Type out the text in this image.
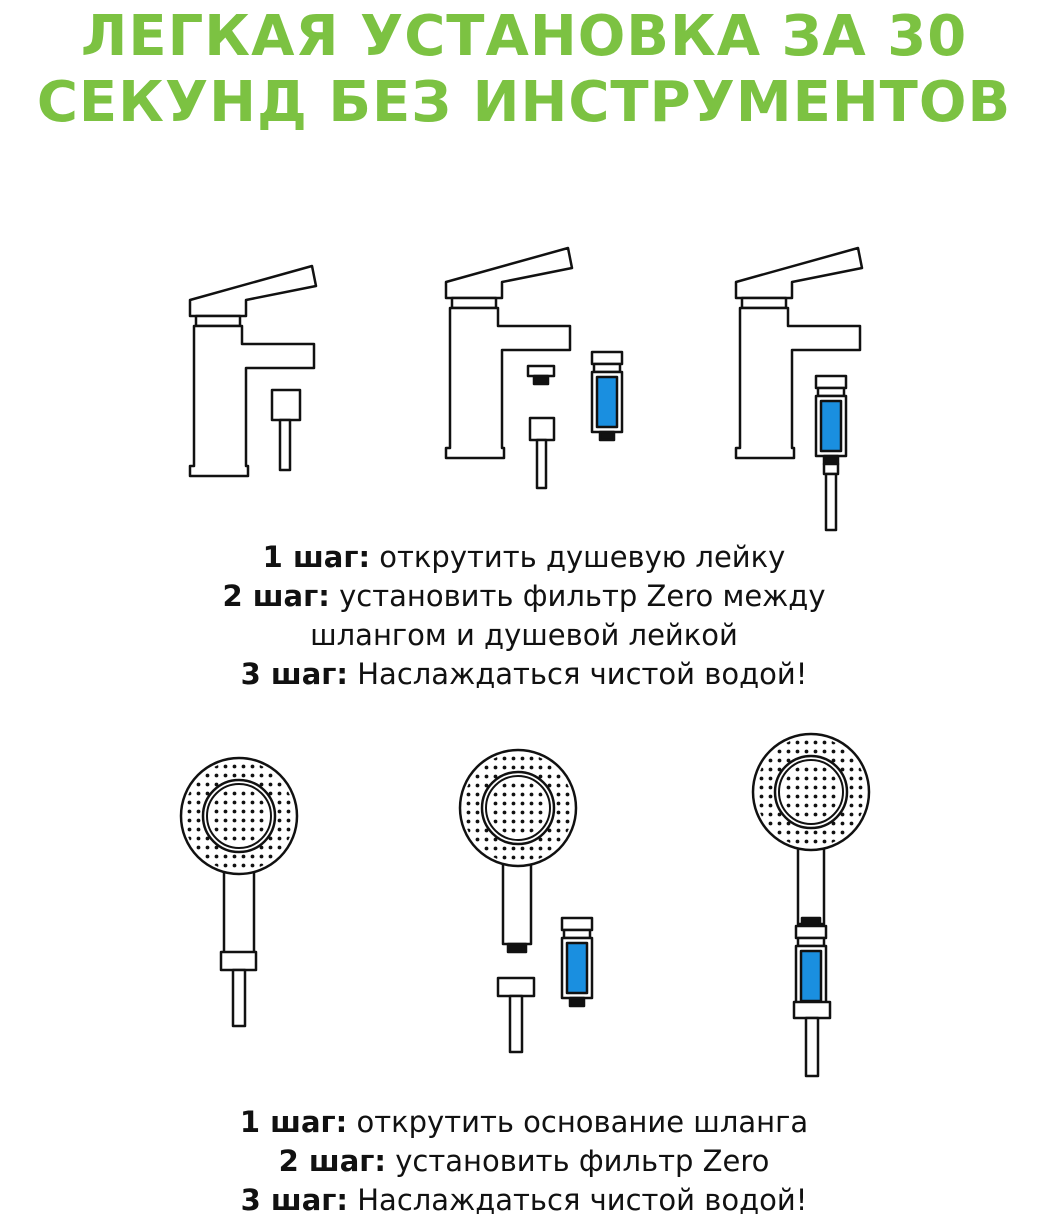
ЛЕГКАЯ УСТАНОВКА ЗА 30
СЕКУНД БЕЗ ИНСТРУМЕНТОВ
1 шаг: открутить душевую лейку
2 шаг: установить фильтр Zero между
шлангом и душевой лейкой
3 шаг: Наслаждаться чистой водой!
1 шаг: открутить основание шланга
2 шаг: установить фильтр Zero
3 шаг: Наслаждаться чистой водой!
